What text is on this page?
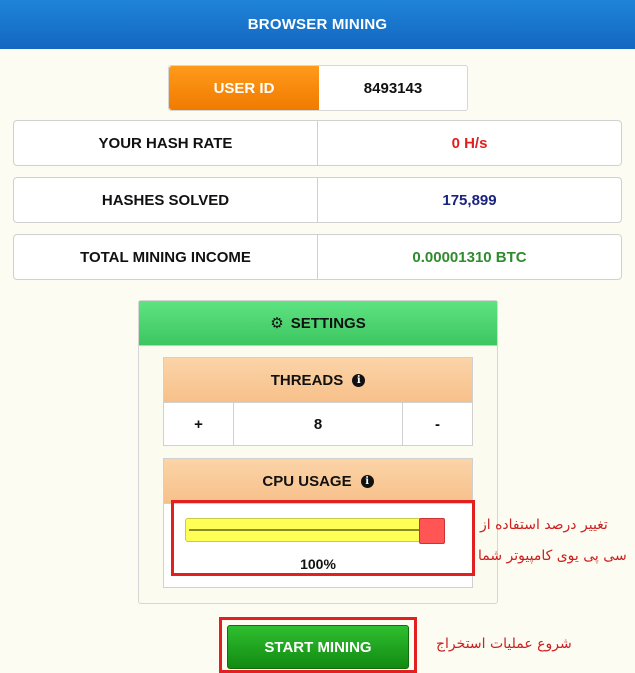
BROWSER MINING
USER ID	8493143
YOUR HASH RATE	0 H/s
HASHES SOLVED	175,899
TOTAL MINING INCOME	0.00001310 BTC
⚙ SETTINGS
THREADS	i
+	8	-
CPU USAGE	i
100%
تغییر درصد استفاده از
سی پی یوی کامپیوتر شما
START MINING	شروع عملیات استخراج
